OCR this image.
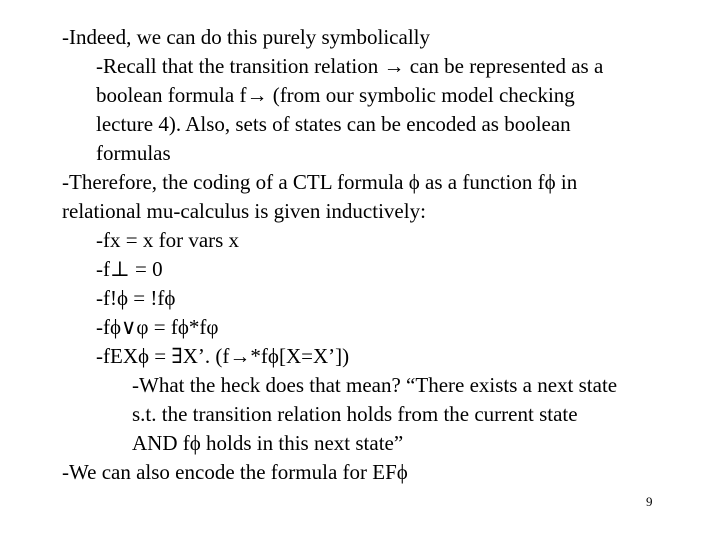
-Indeed, we can do this purely symbolically
-Recall that the transition relation → can be represented as a
boolean formula f→ (from our symbolic model checking
lecture 4). Also, sets of states can be encoded as boolean
formulas
-Therefore, the coding of a CTL formula ϕ as a function fϕ in
relational mu-calculus is given inductively:
-fx = x for vars x
-f⊥ = 0
-f!ϕ = !fϕ
-fϕ∨φ = fϕ*fφ
-fEXϕ = ∃X’. (f→*fϕ[X=X’])
-What the heck does that mean? “There exists a next state
s.t. the transition relation holds from the current state
AND fϕ holds in this next state”
-We can also encode the formula for EFϕ
9
